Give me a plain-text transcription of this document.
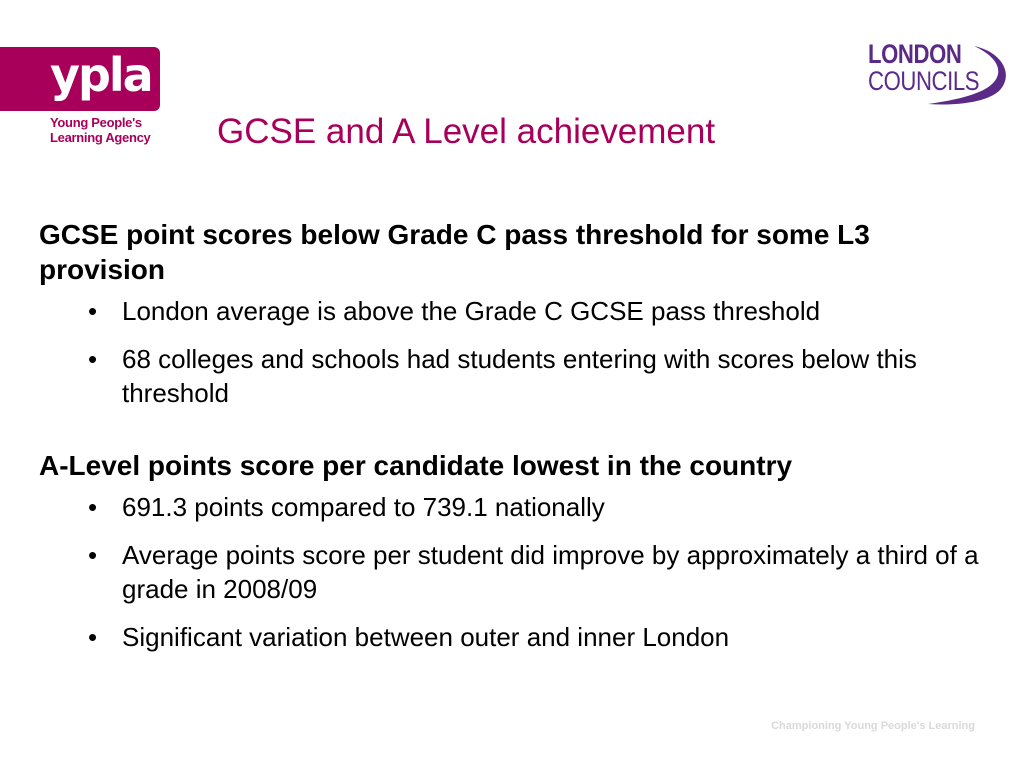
ypla
Young People's
Learning Agency
LONDON
COUNCILS
GCSE and A Level achievement

GCSE point scores below Grade C pass threshold for some L3 provision

• London average is above the Grade C GCSE pass threshold
• 68 colleges and schools had students entering with scores below this threshold

A-Level points score per candidate lowest in the country

• 691.3 points compared to 739.1 nationally
• Average points score per student did improve by approximately a third of a grade in 2008/09
• Significant variation between outer and inner London
Championing Young People's Learning
